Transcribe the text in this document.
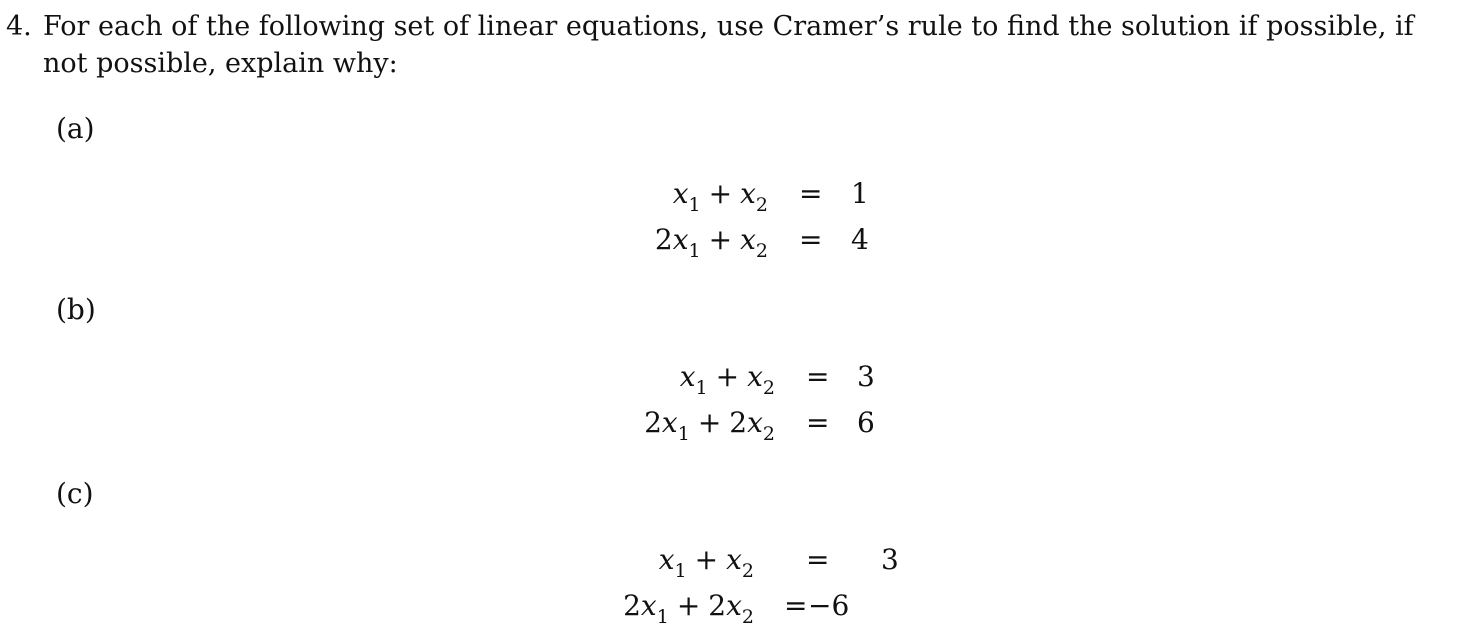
4. For each of the following set of linear equations, use Cramer’s rule to find the solution if possible, if not possible, explain why:
(a)
(b)
(c)
$x_1 + x_2 = 1$
$2x_1 + x_2 = 4$
$x_1 + x_2 = 3$
$2x_1 + 2x_2 = 6$
$x_1 + x_2 = 3$
$2x_1 + 2x_2 = -6$
